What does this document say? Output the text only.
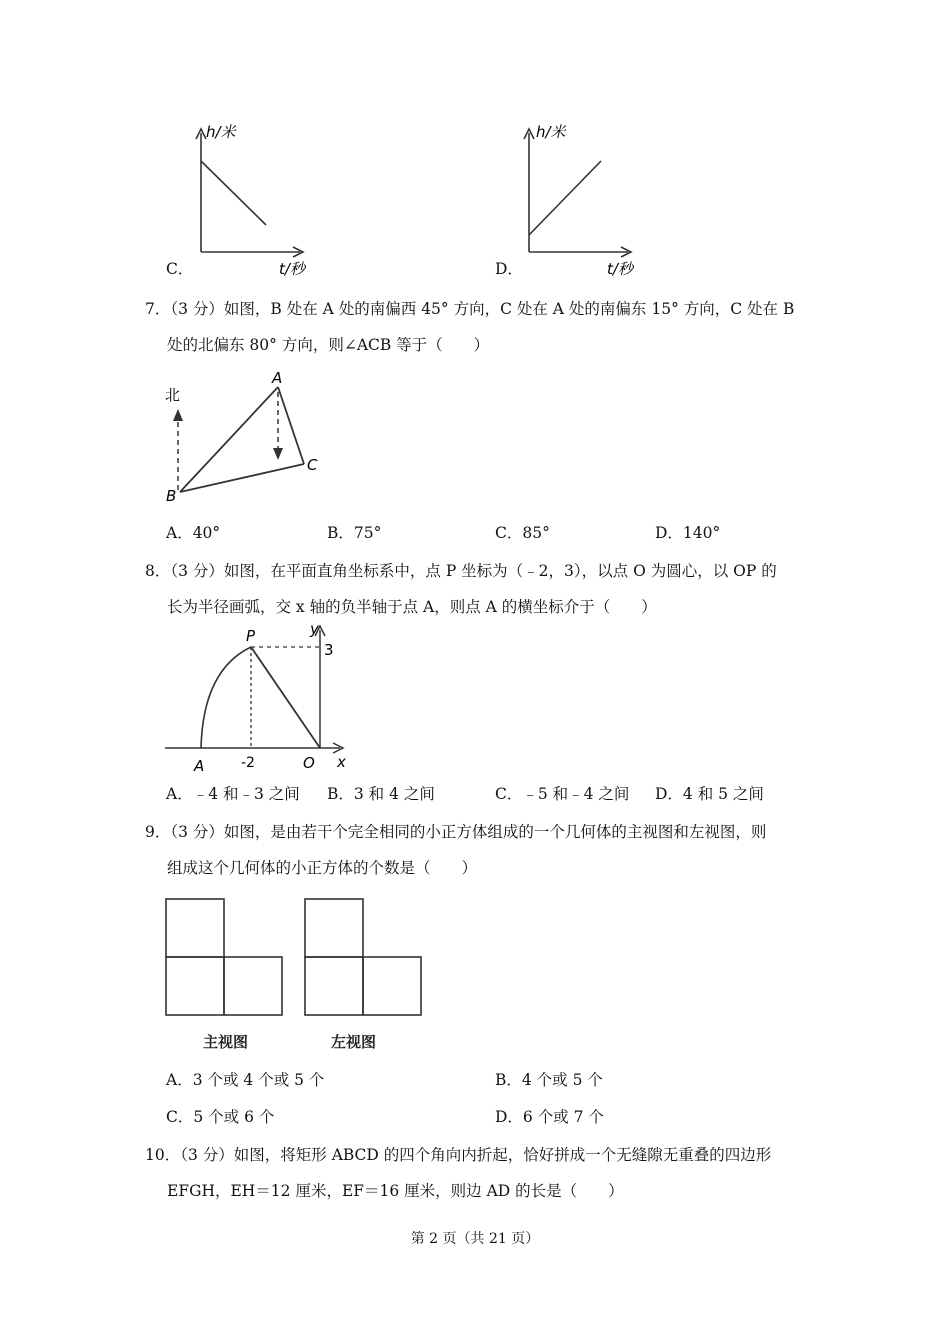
h/米
t/秒
h/米
t/秒
C．	D．
7．（3 分）如图，B 处在 A 处的南偏西 45° 方向，C 处在 A 处的南偏东 15° 方向，C 处在 B
处的北偏东 80° 方向，则∠ACB 等于（　　）
北
A
B
C
A．40°	B．75°	C．85°	D．140°
8．（3 分）如图，在平面直角坐标系中，点 P 坐标为（﹣2，3），以点 O 为圆心，以 OP 的
长为半径画弧，交 x 轴的负半轴于点 A，则点 A 的横坐标介于（　　）
P	y
3
A	-2	O x
A．﹣4 和﹣3 之间 B．3 和 4 之间	C．﹣5 和﹣4 之间 D．4 和 5 之间
9．（3 分）如图，是由若干个完全相同的小正方体组成的一个几何体的主视图和左视图，则
组成这个几何体的小正方体的个数是（　　）
主视图	左视图
A．3 个或 4 个或 5 个	B．4 个或 5 个
C．5 个或 6 个	D．6 个或 7 个
10．（3 分）如图，将矩形 ABCD 的四个角向内折起，恰好拼成一个无缝隙无重叠的四边形
EFGH，EH＝12 厘米，EF＝16 厘米，则边 AD 的长是（　　）
第 2 页（共 21 页）
